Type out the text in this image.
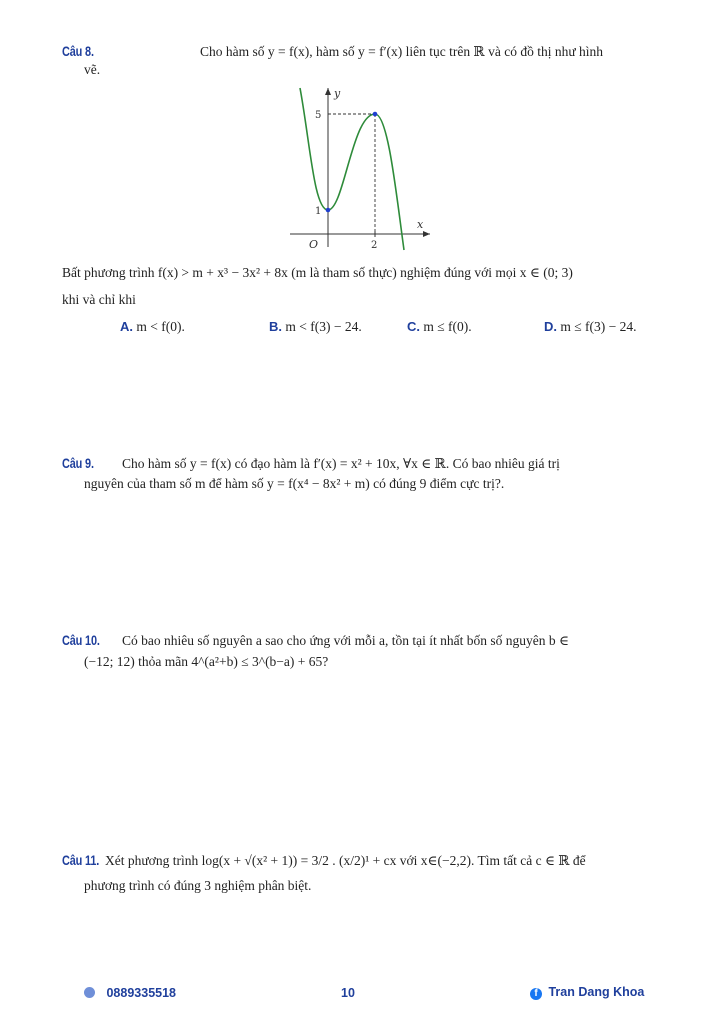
Câu 8.	Cho hàm số y = f(x), hàm số y = f′(x) liên tục trên ℝ và có đồ thị như hình
vẽ.
y
x
O
5
1
2
Bất phương trình f(x) > m + x³ − 3x² + 8x (m là tham số thực) nghiệm đúng với mọi x ∈ (0; 3)
khi và chỉ khi
A. m < f(0).	B. m < f(3) − 24.	C. m ≤ f(0).	D. m ≤ f(3) − 24.
Câu 9.	Cho hàm số y = f(x) có đạo hàm là f′(x) = x² + 10x, ∀x ∈ ℝ. Có bao nhiêu giá trị
nguyên của tham số m để hàm số y = f(x⁴ − 8x² + m) có đúng 9 điểm cực trị?.
Câu 10.	Có bao nhiêu số nguyên a sao cho ứng với mỗi a, tồn tại ít nhất bốn số nguyên b ∈
(−12; 12) thỏa mãn 4^(a²+b) ≤ 3^(b−a) + 65?
Câu 11. Xét phương trình log(x + √(x² + 1)) = 3/2 . (x/2)¹ + cx với x∈(−2,2). Tìm tất cả c ∈ ℝ để
phương trình có đúng 3 nghiệm phân biệt.
0889335518	10	f Tran Dang Khoa
